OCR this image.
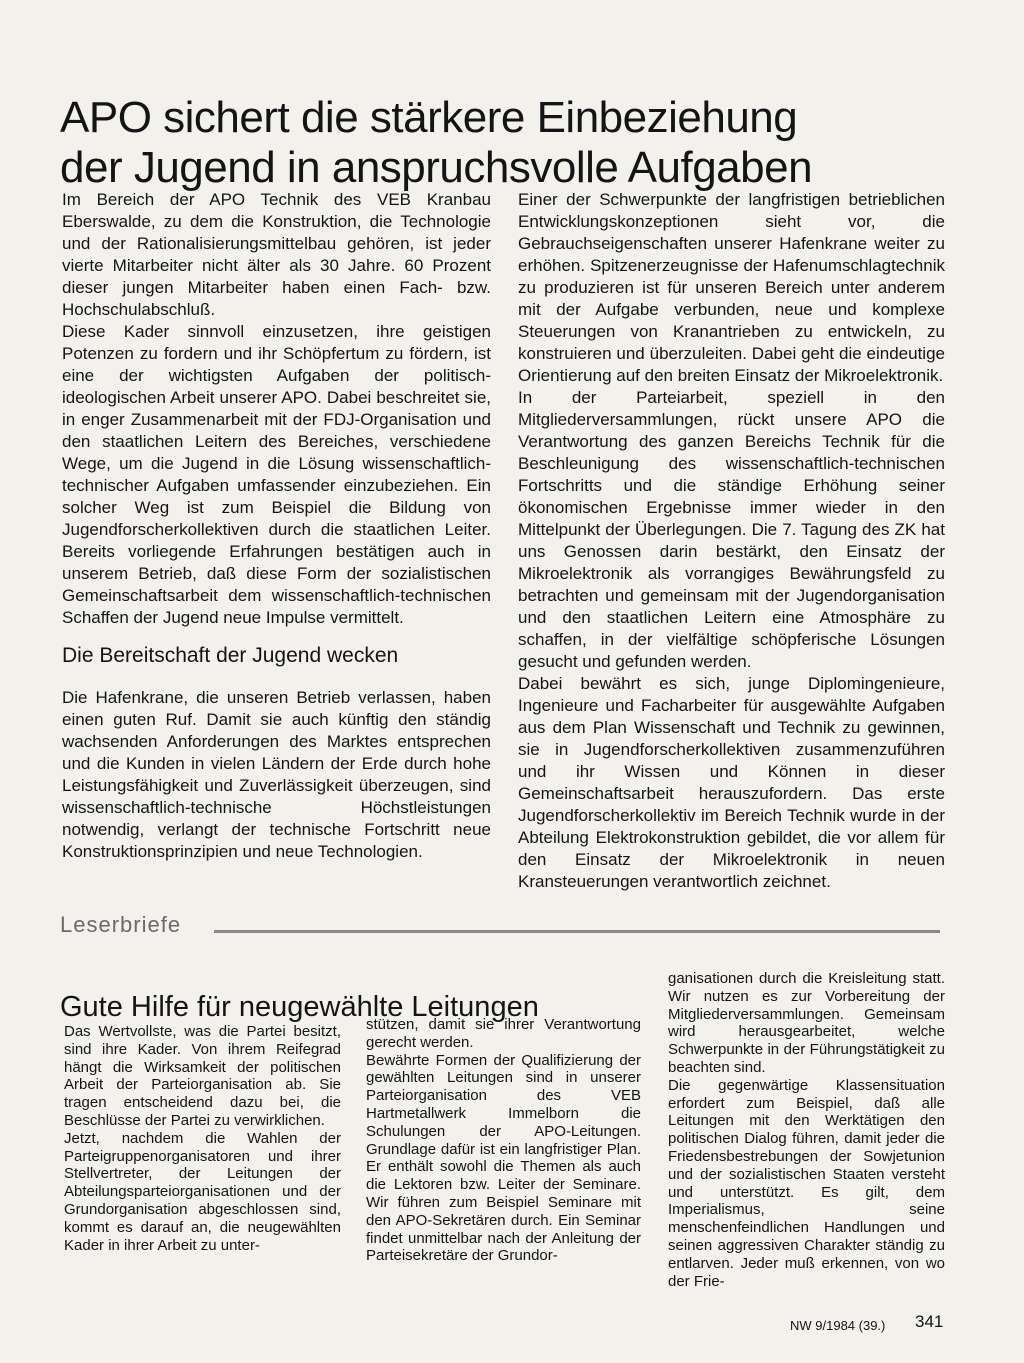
APO sichert die stärkere Einbeziehung
der Jugend in anspruchsvolle Aufgaben

Im Bereich der APO Technik des VEB Kranbau Eberswalde, zu dem die Konstruktion, die Technologie und der Rationalisierungsmittelbau gehören, ist jeder vierte Mitarbeiter nicht älter als 30 Jahre. 60 Prozent dieser jungen Mitarbeiter haben einen Fach- bzw. Hochschulabschluß.

Diese Kader sinnvoll einzusetzen, ihre geistigen Potenzen zu fordern und ihr Schöpfertum zu fördern, ist eine der wichtigsten Aufgaben der politisch-ideologischen Arbeit unserer APO. Dabei beschreitet sie, in enger Zusammenarbeit mit der FDJ-Organisation und den staatlichen Leitern des Bereiches, verschiedene Wege, um die Jugend in die Lösung wissenschaftlich-technischer Aufgaben umfassender einzubeziehen. Ein solcher Weg ist zum Beispiel die Bildung von Jugendforscherkollektiven durch die staatlichen Leiter. Bereits vorliegende Erfahrungen bestätigen auch in unserem Betrieb, daß diese Form der sozialistischen Gemeinschaftsarbeit dem wissenschaftlich-technischen Schaffen der Jugend neue Impulse vermittelt.

Die Bereitschaft der Jugend wecken

Die Hafenkrane, die unseren Betrieb verlassen, haben einen guten Ruf. Damit sie auch künftig den ständig wachsenden Anforderungen des Marktes entsprechen und die Kunden in vielen Ländern der Erde durch hohe Leistungsfähigkeit und Zuverlässigkeit überzeugen, sind wissenschaftlich-technische Höchstleistungen notwendig, verlangt der technische Fortschritt neue Konstruktionsprinzipien und neue Technologien.

Einer der Schwerpunkte der langfristigen betrieblichen Entwicklungskonzeptionen sieht vor, die Gebrauchseigenschaften unserer Hafenkrane weiter zu erhöhen. Spitzenerzeugnisse der Hafenumschlagtechnik zu produzieren ist für unseren Bereich unter anderem mit der Aufgabe verbunden, neue und komplexe Steuerungen von Kranantrieben zu entwickeln, zu konstruieren und überzuleiten. Dabei geht die eindeutige Orientierung auf den breiten Einsatz der Mikroelektronik.

In der Parteiarbeit, speziell in den Mitgliederversammlungen, rückt unsere APO die Verantwortung des ganzen Bereichs Technik für die Beschleunigung des wissenschaftlich-technischen Fortschritts und die ständige Erhöhung seiner ökonomischen Ergebnisse immer wieder in den Mittelpunkt der Überlegungen. Die 7. Tagung des ZK hat uns Genossen darin bestärkt, den Einsatz der Mikroelektronik als vorrangiges Bewährungsfeld zu betrachten und gemeinsam mit der Jugendorganisation und den staatlichen Leitern eine Atmosphäre zu schaffen, in der vielfältige schöpferische Lösungen gesucht und gefunden werden.

Dabei bewährt es sich, junge Diplomingenieure, Ingenieure und Facharbeiter für ausgewählte Aufgaben aus dem Plan Wissenschaft und Technik zu gewinnen, sie in Jugendforscherkollektiven zusammenzuführen und ihr Wissen und Können in dieser Gemeinschaftsarbeit herauszufordern. Das erste Jugendforscherkollektiv im Bereich Technik wurde in der Abteilung Elektrokonstruktion gebildet, die vor allem für den Einsatz der Mikroelektronik in neuen Kransteuerungen verantwortlich zeichnet.

Leserbriefe
Gute Hilfe für neugewählte Leitungen

Das Wertvollste, was die Partei besitzt, sind ihre Kader. Von ihrem Reifegrad hängt die Wirksamkeit der politischen Arbeit der Parteiorganisation ab. Sie tragen entscheidend dazu bei, die Beschlüsse der Partei zu verwirklichen.

Jetzt, nachdem die Wahlen der Parteigruppenorganisatoren und ihrer Stellvertreter, der Leitungen der Abteilungsparteiorganisationen und der Grundorganisation abgeschlossen sind, kommt es darauf an, die neugewählten Kader in ihrer Arbeit zu unter-

stützen, damit sie ihrer Verantwortung gerecht werden.

Bewährte Formen der Qualifizierung der gewählten Leitungen sind in unserer Parteiorganisation des VEB Hartmetallwerk Immelborn die Schulungen der APO-Leitungen. Grundlage dafür ist ein langfristiger Plan. Er enthält sowohl die Themen als auch die Lektoren bzw. Leiter der Seminare. Wir führen zum Beispiel Seminare mit den APO-Sekretären durch. Ein Seminar findet unmittelbar nach der Anleitung der Parteisekretäre der Grundor-

ganisationen durch die Kreisleitung statt. Wir nutzen es zur Vorbereitung der Mitgliederversammlungen. Gemeinsam wird herausgearbeitet, welche Schwerpunkte in der Führungstätigkeit zu beachten sind.

Die gegenwärtige Klassensituation erfordert zum Beispiel, daß alle Leitungen mit den Werktätigen den politischen Dialog führen, damit jeder die Friedensbestrebungen der Sowjetunion und der sozialistischen Staaten versteht und unterstützt. Es gilt, dem Imperialismus, seine menschenfeindlichen Handlungen und seinen aggressiven Charakter ständig zu entlarven. Jeder muß erkennen, von wo der Frie-

NW 9/1984 (39.) 341
